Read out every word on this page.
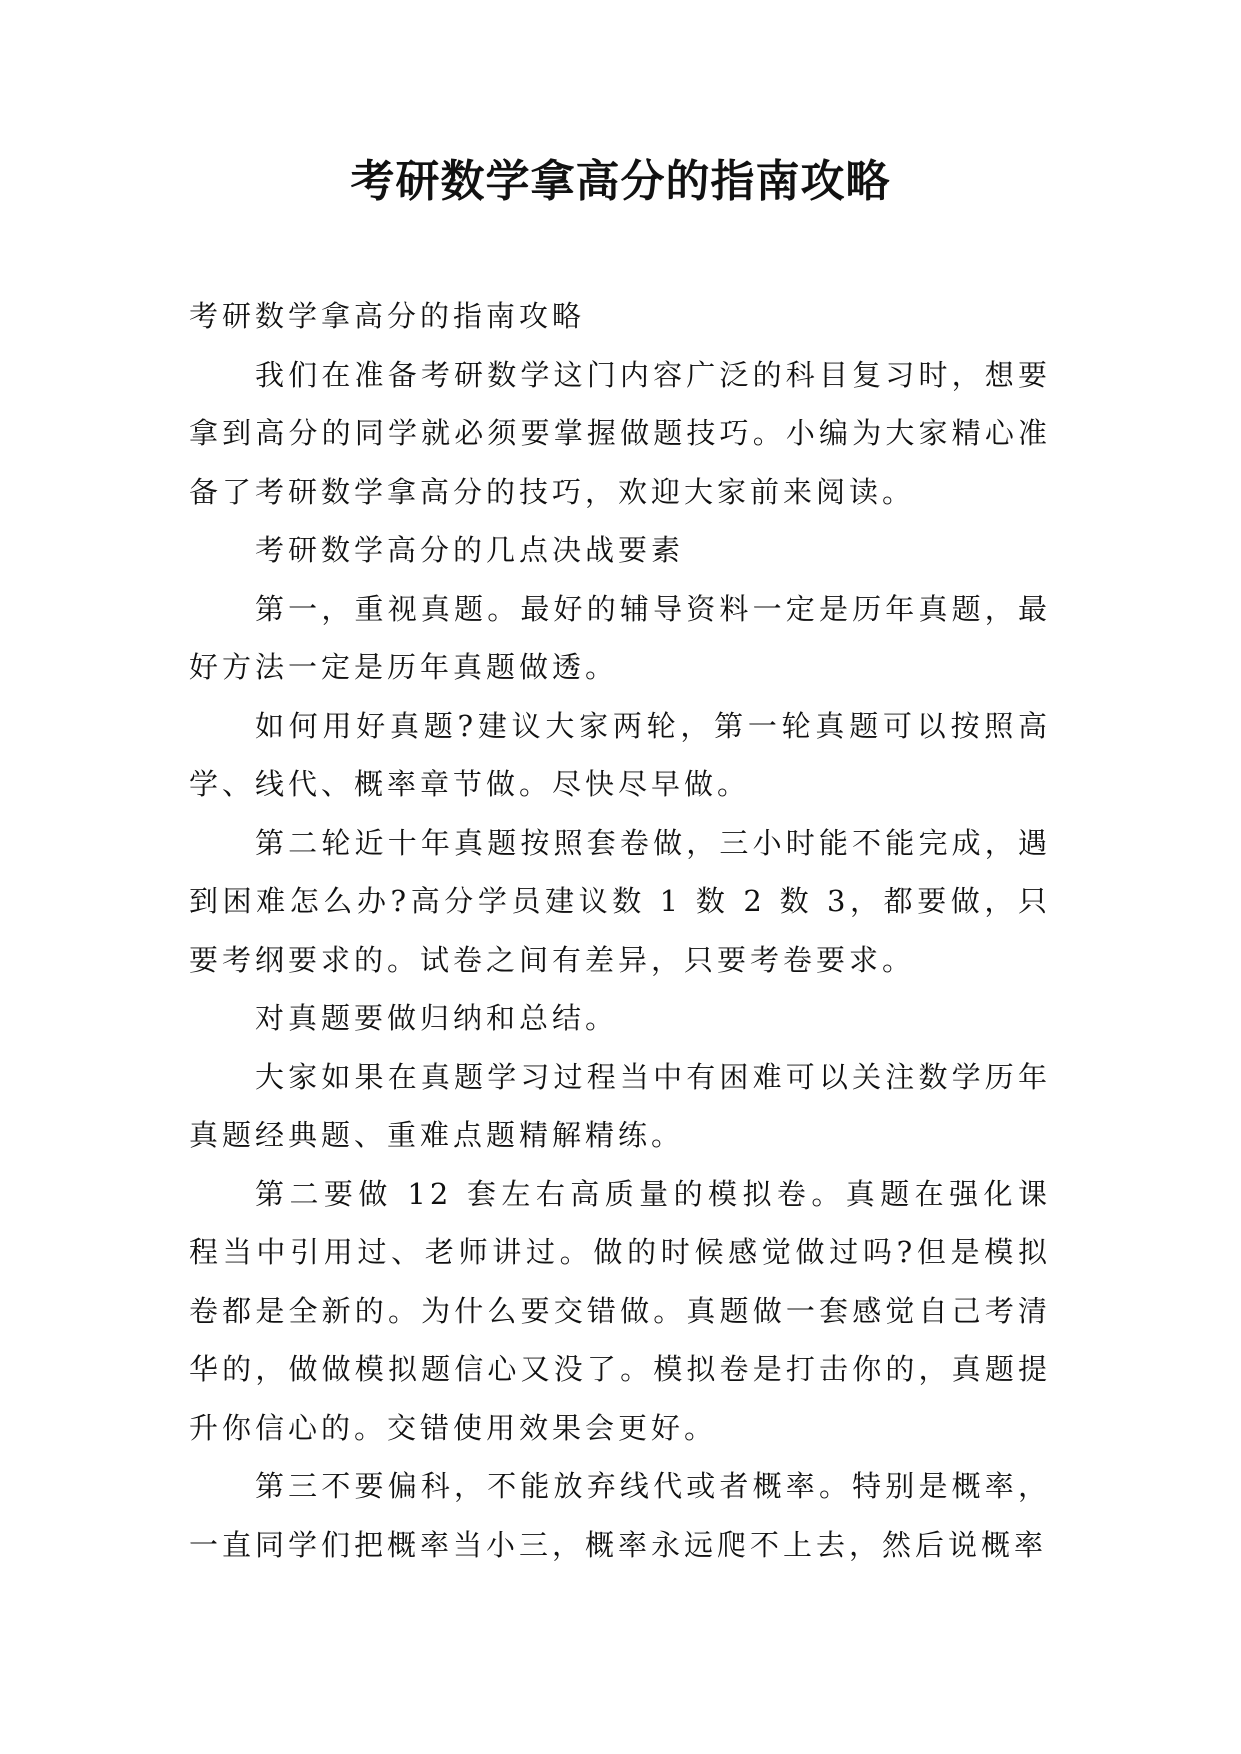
考研数学拿高分的指南攻略

考研数学拿高分的指南攻略

我们在准备考研数学这门内容广泛的科目复习时，想要拿到高分的同学就必须要掌握做题技巧。小编为大家精心准备了考研数学拿高分的技巧，欢迎大家前来阅读。

考研数学高分的几点决战要素

第一，重视真题。最好的辅导资料一定是历年真题，最好方法一定是历年真题做透。

如何用好真题?建议大家两轮，第一轮真题可以按照高学、线代、概率章节做。尽快尽早做。

第二轮近十年真题按照套卷做，三小时能不能完成，遇到困难怎么办?高分学员建议数 1 数 2 数 3，都要做，只要考纲要求的。试卷之间有差异，只要考卷要求。

对真题要做归纳和总结。

大家如果在真题学习过程当中有困难可以关注数学历年真题经典题、重难点题精解精练。

第二要做 12 套左右高质量的模拟卷。真题在强化课程当中引用过、老师讲过。做的时候感觉做过吗?但是模拟卷都是全新的。为什么要交错做。真题做一套感觉自己考清华的，做做模拟题信心又没了。模拟卷是打击你的，真题提升你信心的。交错使用效果会更好。

第三不要偏科，不能放弃线代或者概率。特别是概率，一直同学们把概率当小三，概率永远爬不上去，然后说概率
